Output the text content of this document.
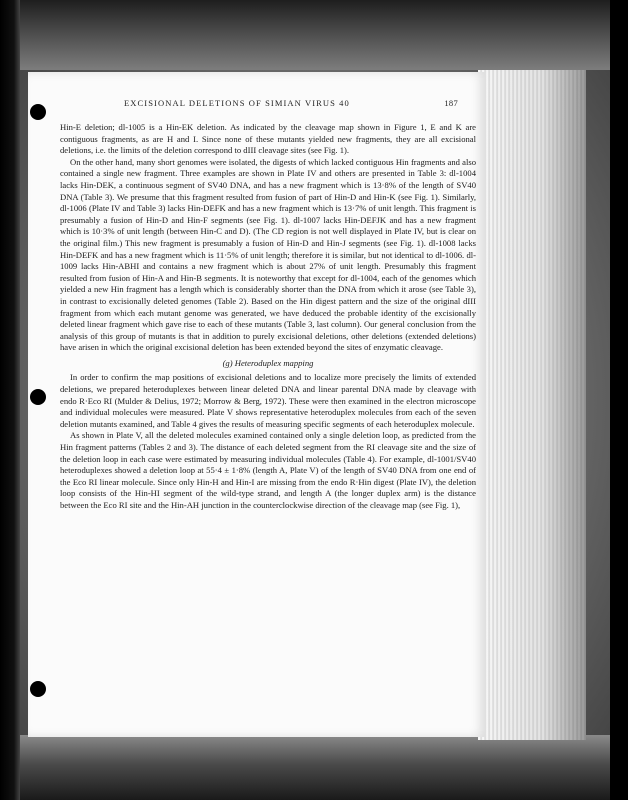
EXCISIONAL DELETIONS OF SIMIAN VIRUS 40	187

Hin-E deletion; dl-1005 is a Hin-EK deletion. As indicated by the cleavage map shown in Figure 1, E and K are contiguous fragments, as are H and I. Since none of these mutants yielded new fragments, they are all excisional deletions, i.e. the limits of the deletion correspond to dIII cleavage sites (see Fig. 1).

On the other hand, many short genomes were isolated, the digests of which lacked contiguous Hin fragments and also contained a single new fragment. Three examples are shown in Plate IV and others are presented in Table 3: dl-1004 lacks Hin-DEK, a continuous segment of SV40 DNA, and has a new fragment which is 13·8% of the length of SV40 DNA (Table 3). We presume that this fragment resulted from fusion of part of Hin-D and Hin-K (see Fig. 1). Similarly, dl-1006 (Plate IV and Table 3) lacks Hin-DEFK and has a new fragment which is 13·7% of unit length. This fragment is presumably a fusion of Hin-D and Hin-F segments (see Fig. 1). dl-1007 lacks Hin-DEFJK and has a new fragment which is 10·3% of unit length (between Hin-C and D). (The CD region is not well displayed in Plate IV, but is clear on the original film.) This new fragment is presumably a fusion of Hin-D and Hin-J segments (see Fig. 1). dl-1008 lacks Hin-DEFK and has a new fragment which is 11·5% of unit length; therefore it is similar, but not identical to dl-1006. dl-1009 lacks Hin-ABHI and contains a new fragment which is about 27% of unit length. Presumably this fragment resulted from fusion of Hin-A and Hin-B segments. It is noteworthy that except for dl-1004, each of the genomes which yielded a new Hin fragment has a length which is considerably shorter than the DNA from which it arose (see Table 3), in contrast to excisionally deleted genomes (Table 2). Based on the Hin digest pattern and the size of the original dIII fragment from which each mutant genome was generated, we have deduced the probable identity of the excisionally deleted linear fragment which gave rise to each of these mutants (Table 3, last column). Our general conclusion from the analysis of this group of mutants is that in addition to purely excisional deletions, other deletions (extended deletions) have arisen in which the original excisional deletion has been extended beyond the sites of enzymatic cleavage.

(g) Heteroduplex mapping

In order to confirm the map positions of excisional deletions and to localize more precisely the limits of extended deletions, we prepared heteroduplexes between linear deleted DNA and linear parental DNA made by cleavage with endo R·Eco RI (Mulder & Delius, 1972; Morrow & Berg, 1972). These were then examined in the electron microscope and individual molecules were measured. Plate V shows representative heteroduplex molecules from each of the seven deletion mutants examined, and Table 4 gives the results of measuring specific segments of each heteroduplex molecule.

As shown in Plate V, all the deleted molecules examined contained only a single deletion loop, as predicted from the Hin fragment patterns (Tables 2 and 3). The distance of each deleted segment from the RI cleavage site and the size of the deletion loop in each case were estimated by measuring individual molecules (Table 4). For example, dl-1001/SV40 heteroduplexes showed a deletion loop at 55·4 ± 1·8% (length A, Plate V) of the length of SV40 DNA from one end of the Eco RI linear molecule. Since only Hin-H and Hin-I are missing from the endo R·Hin digest (Plate IV), the deletion loop consists of the Hin-HI segment of the wild-type strand, and length A (the longer duplex arm) is the distance between the Eco RI site and the Hin-AH junction in the counterclockwise direction of the cleavage map (see Fig. 1),
